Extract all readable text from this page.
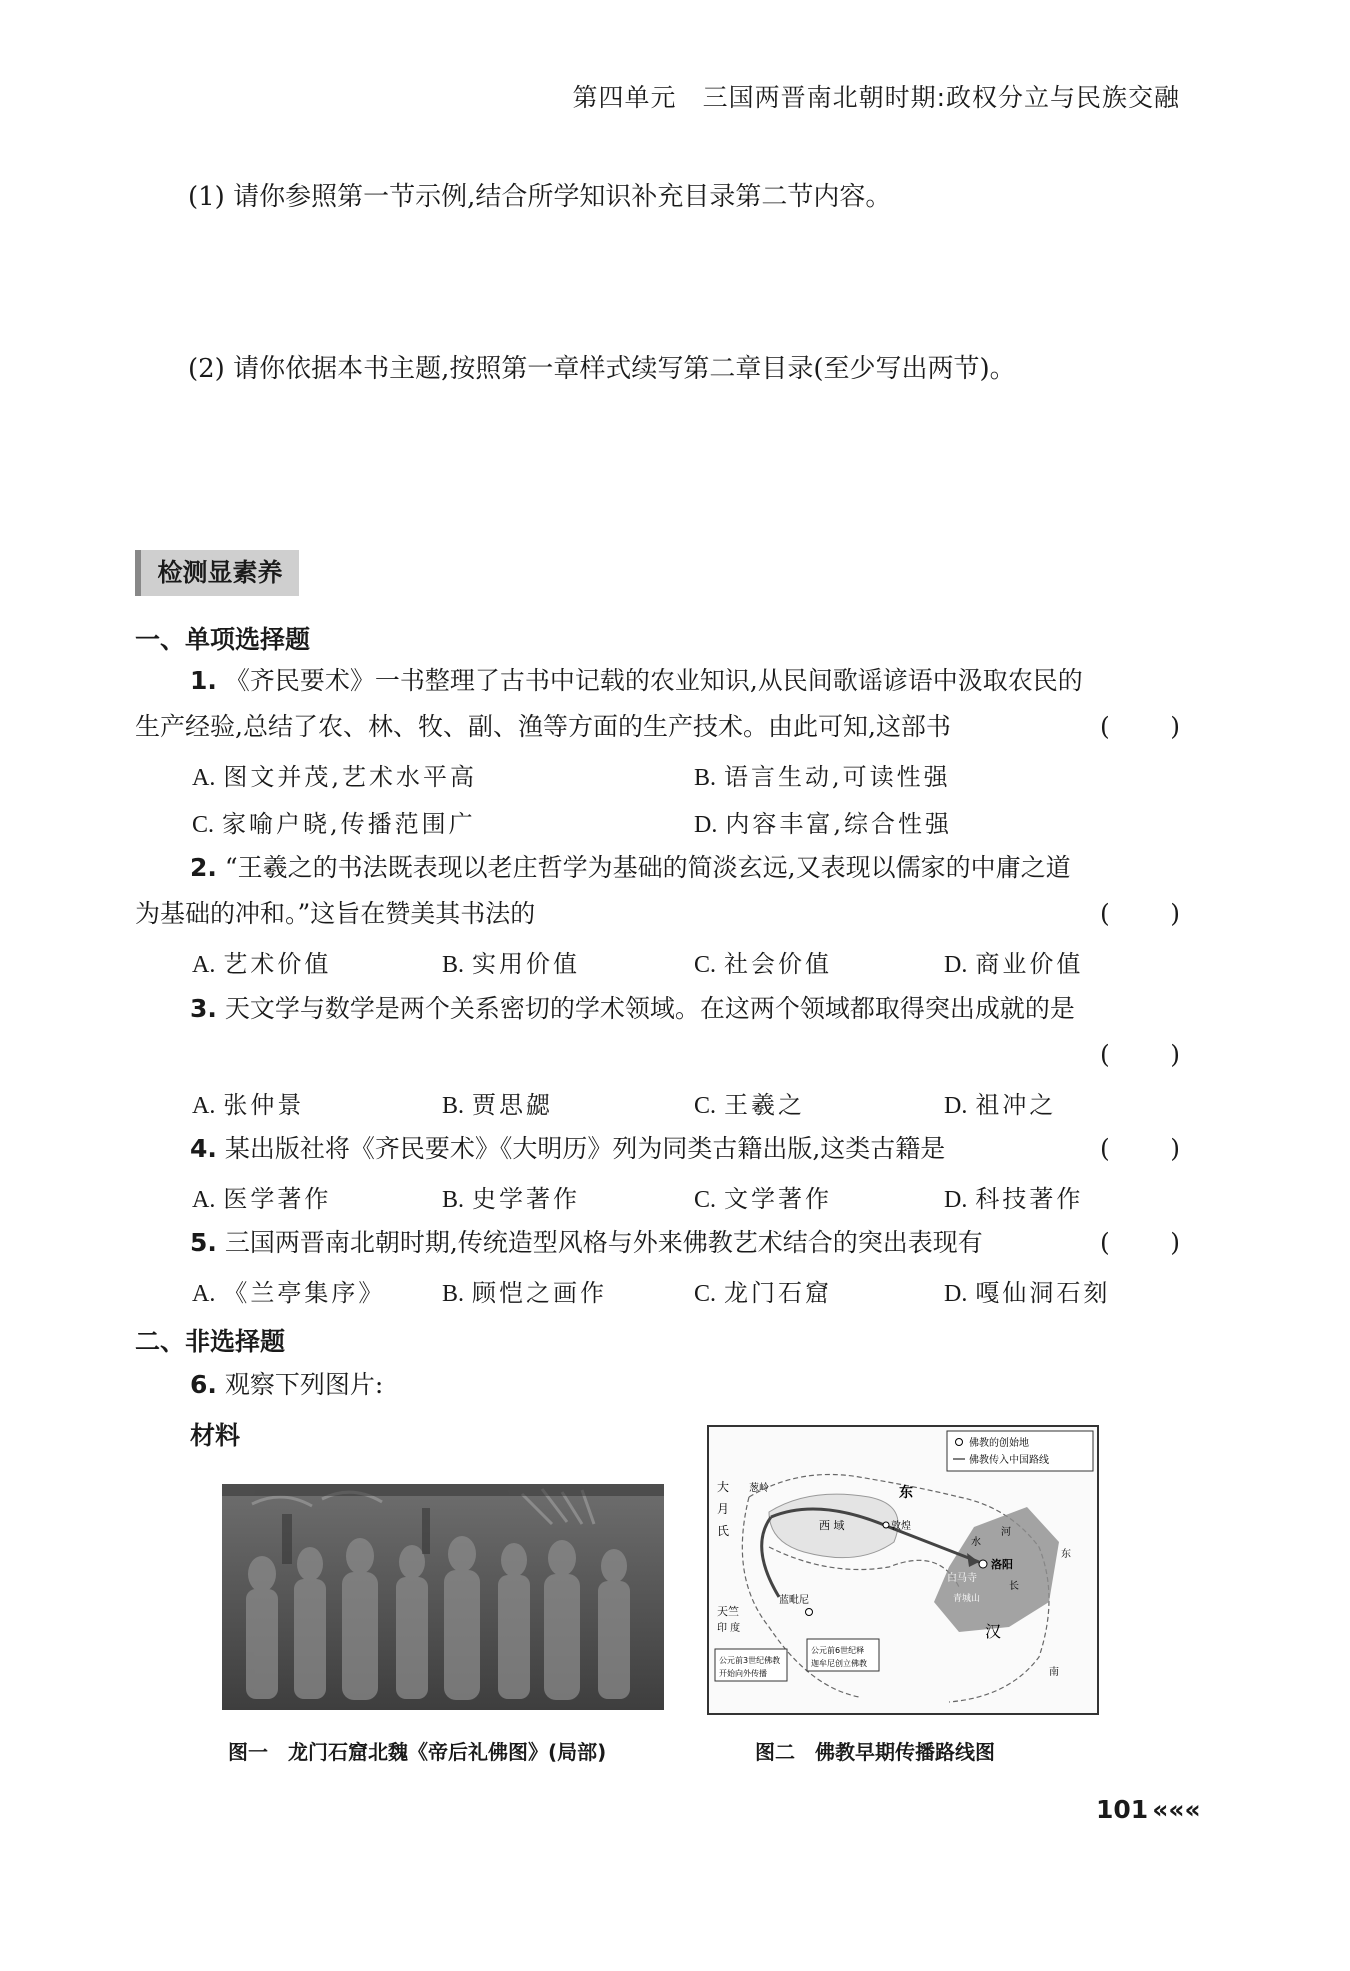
第四单元 三国两晋南北朝时期:政权分立与民族交融
(1) 请你参照第一节示例,结合所学知识补充目录第二节内容。
(2) 请你依据本书主题,按照第一章样式续写第二章目录(至少写出两节)。
检测显素养
一、单项选择题
1. 《齐民要术》一书整理了古书中记载的农业知识,从民间歌谣谚语中汲取农民的
生产经验,总结了农、林、牧、副、渔等方面的生产技术。由此可知,这部书	( )
A. 图文并茂,艺术水平高	B. 语言生动,可读性强
C. 家喻户晓,传播范围广	D. 内容丰富,综合性强
2. “王羲之的书法既表现以老庄哲学为基础的简淡玄远,又表现以儒家的中庸之道
为基础的冲和。”这旨在赞美其书法的	( )
A. 艺术价值	B. 实用价值	C. 社会价值	D. 商业价值
3. 天文学与数学是两个关系密切的学术领域。在这两个领域都取得突出成就的是
( )
A. 张仲景	B. 贾思勰	C. 王羲之	D. 祖冲之
4. 某出版社将《齐民要术》《大明历》列为同类古籍出版,这类古籍是	( )
A. 医学著作	B. 史学著作	C. 文学著作	D. 科技著作
5. 三国两晋南北朝时期,传统造型风格与外来佛教艺术结合的突出表现有	( )
A. 《兰亭集序》 B. 顾恺之画作	C. 龙门石窟	D. 嘎仙洞石刻
二、非选择题
6. 观察下列图片:
材料	佛教的创始地
佛教传入中国路线
大
月
氏
葱岭
西 域
东
敦煌
洛阳
白马寺
青城山
河
水
长
汉
东
南
天竺
印 度
蓝毗尼
公元前3世纪佛教
开始向外传播
公元前6世纪释
迦牟尼创立佛教
图一　龙门石窟北魏《帝后礼佛图》(局部)	图二　佛教早期传播路线图
101 «««
